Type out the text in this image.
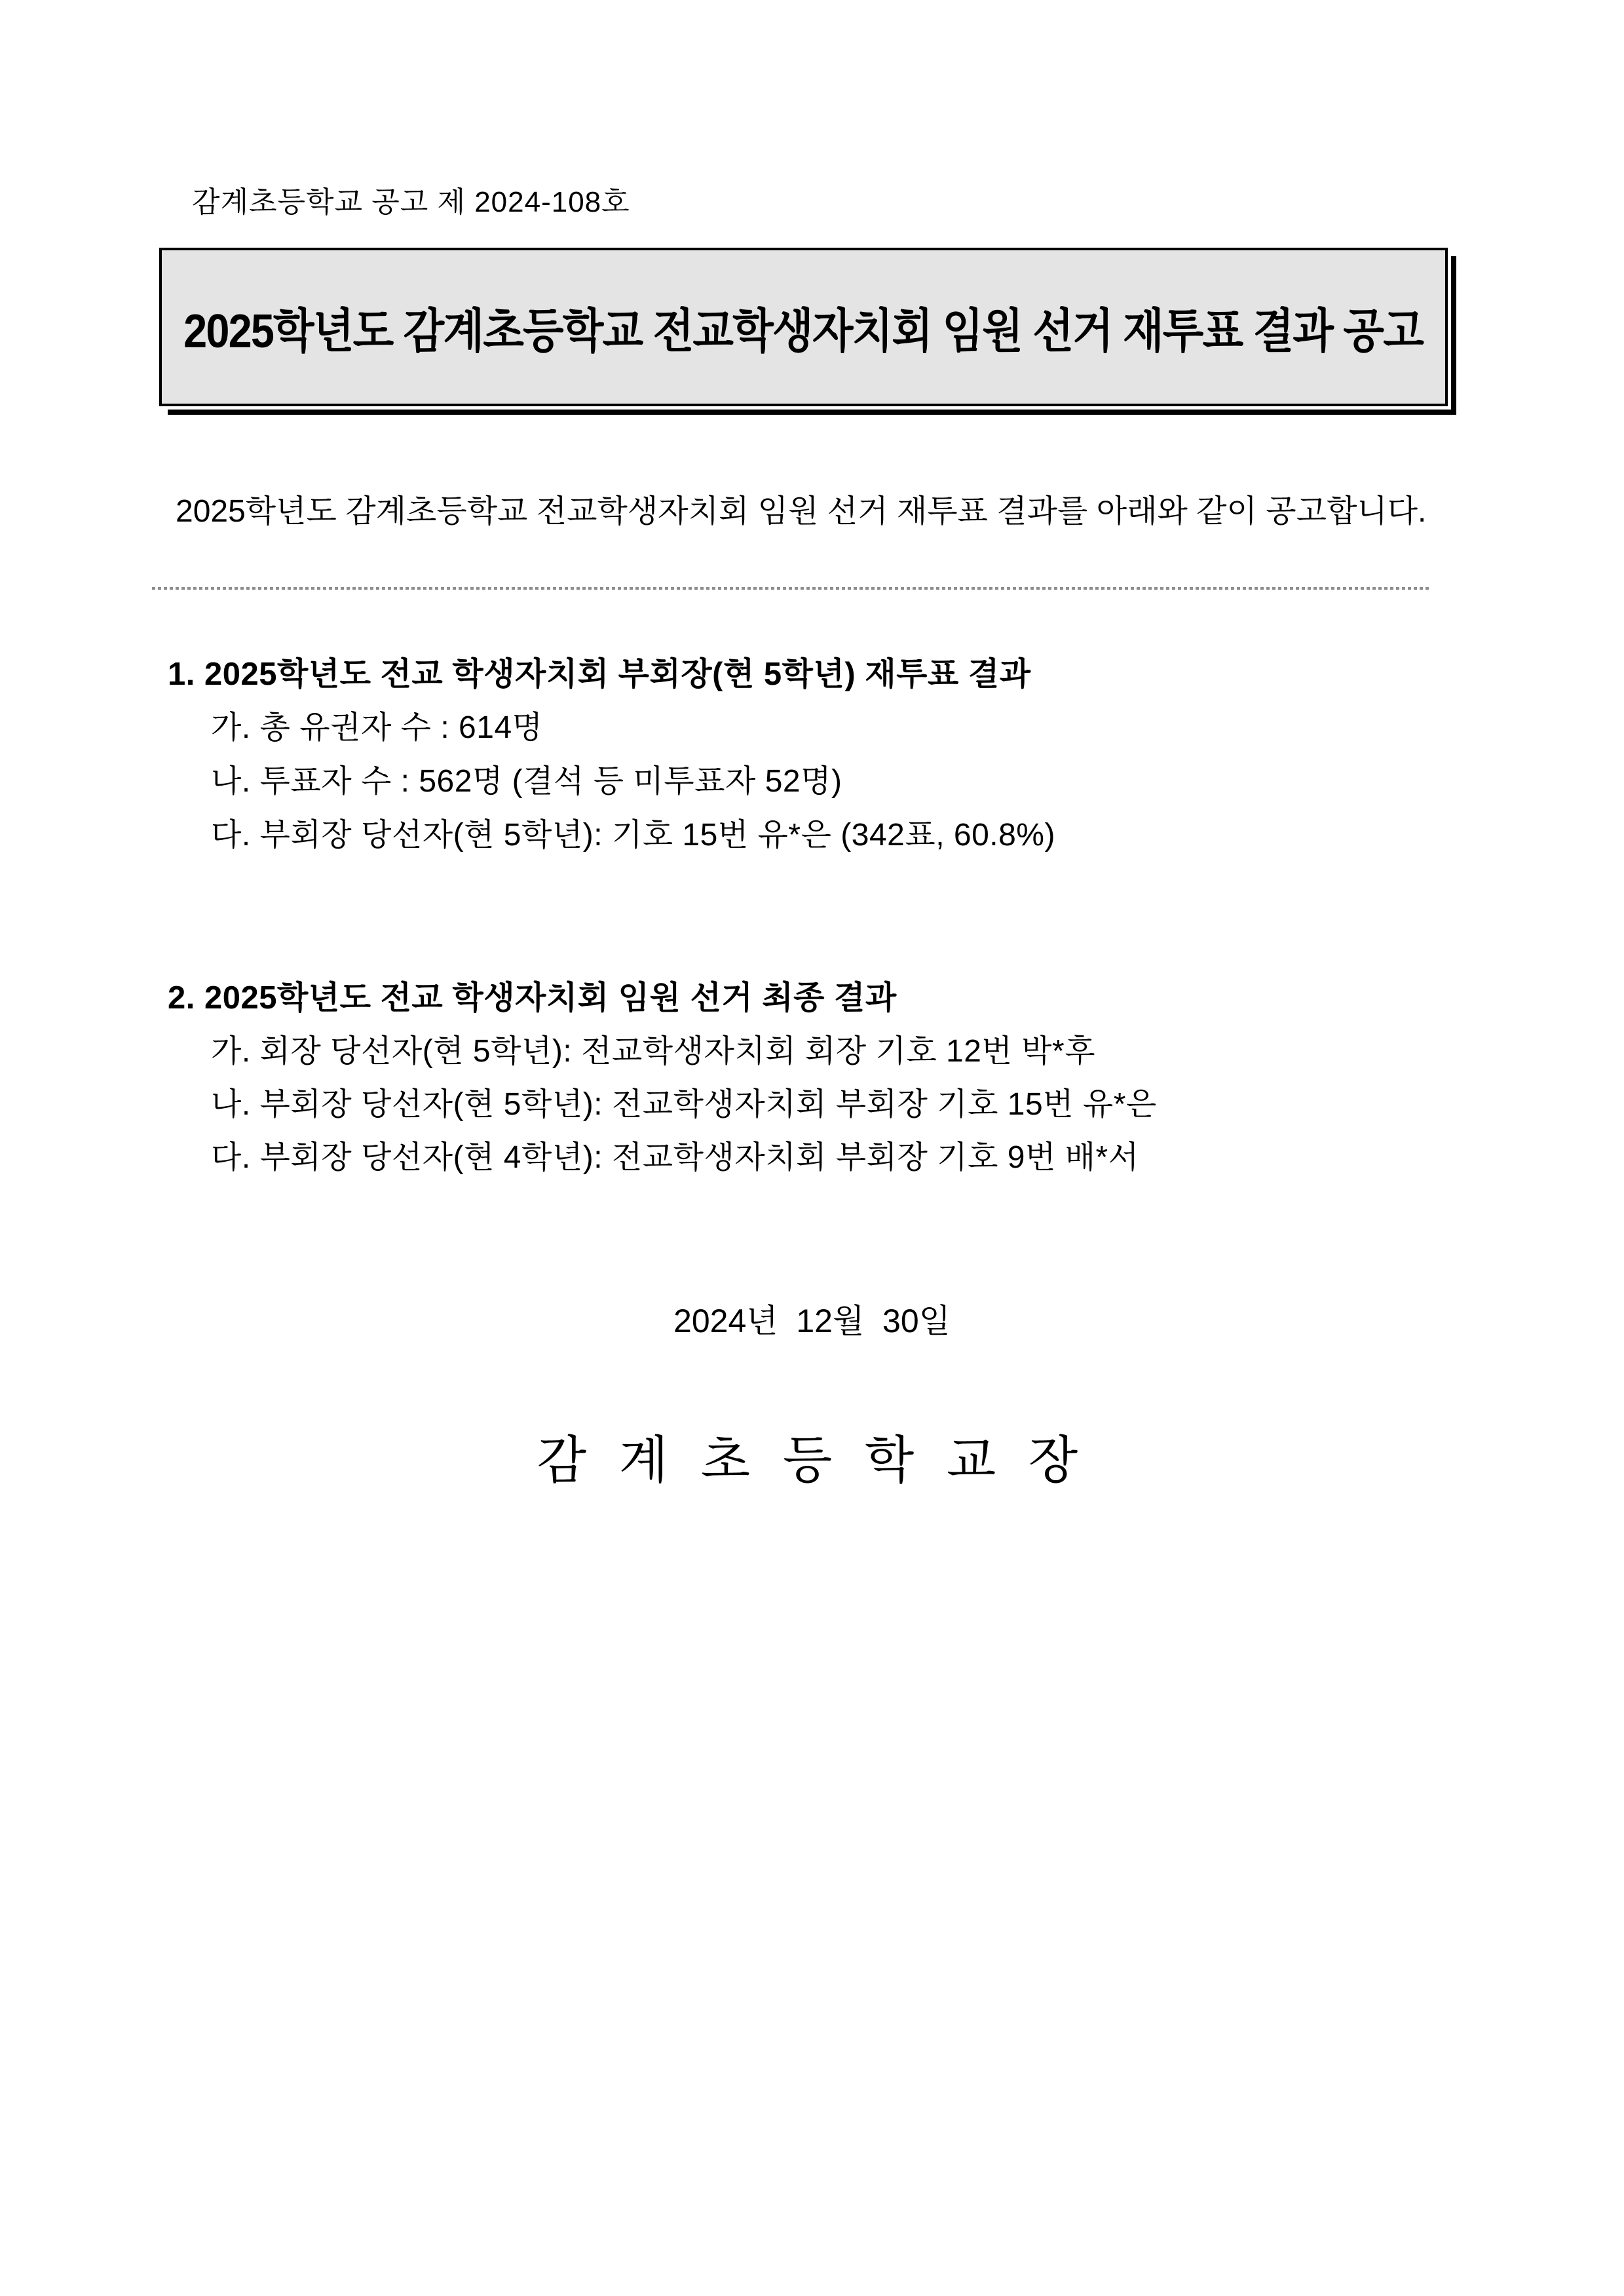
감계초등학교 공고 제 2024-108호
2025학년도 감계초등학교 전교학생자치회 임원 선거 재투표 결과 공고
2025학년도 감계초등학교 전교학생자치회 임원 선거 재투표 결과를 아래와 같이 공고합니다.
1. 2025학년도 전교 학생자치회 부회장(현 5학년) 재투표 결과
가. 총 유권자 수 : 614명
나. 투표자 수 : 562명 (결석 등 미투표자 52명)
다. 부회장 당선자(현 5학년): 기호 15번 유*은 (342표, 60.8%)
2. 2025학년도 전교 학생자치회 임원 선거 최종 결과
가. 회장 당선자(현 5학년): 전교학생자치회 회장 기호 12번 박*후
나. 부회장 당선자(현 5학년): 전교학생자치회 부회장 기호 15번 유*은
다. 부회장 당선자(현 4학년): 전교학생자치회 부회장 기호 9번 배*서
2024년  12월  30일
감 계 초 등 학 교 장
